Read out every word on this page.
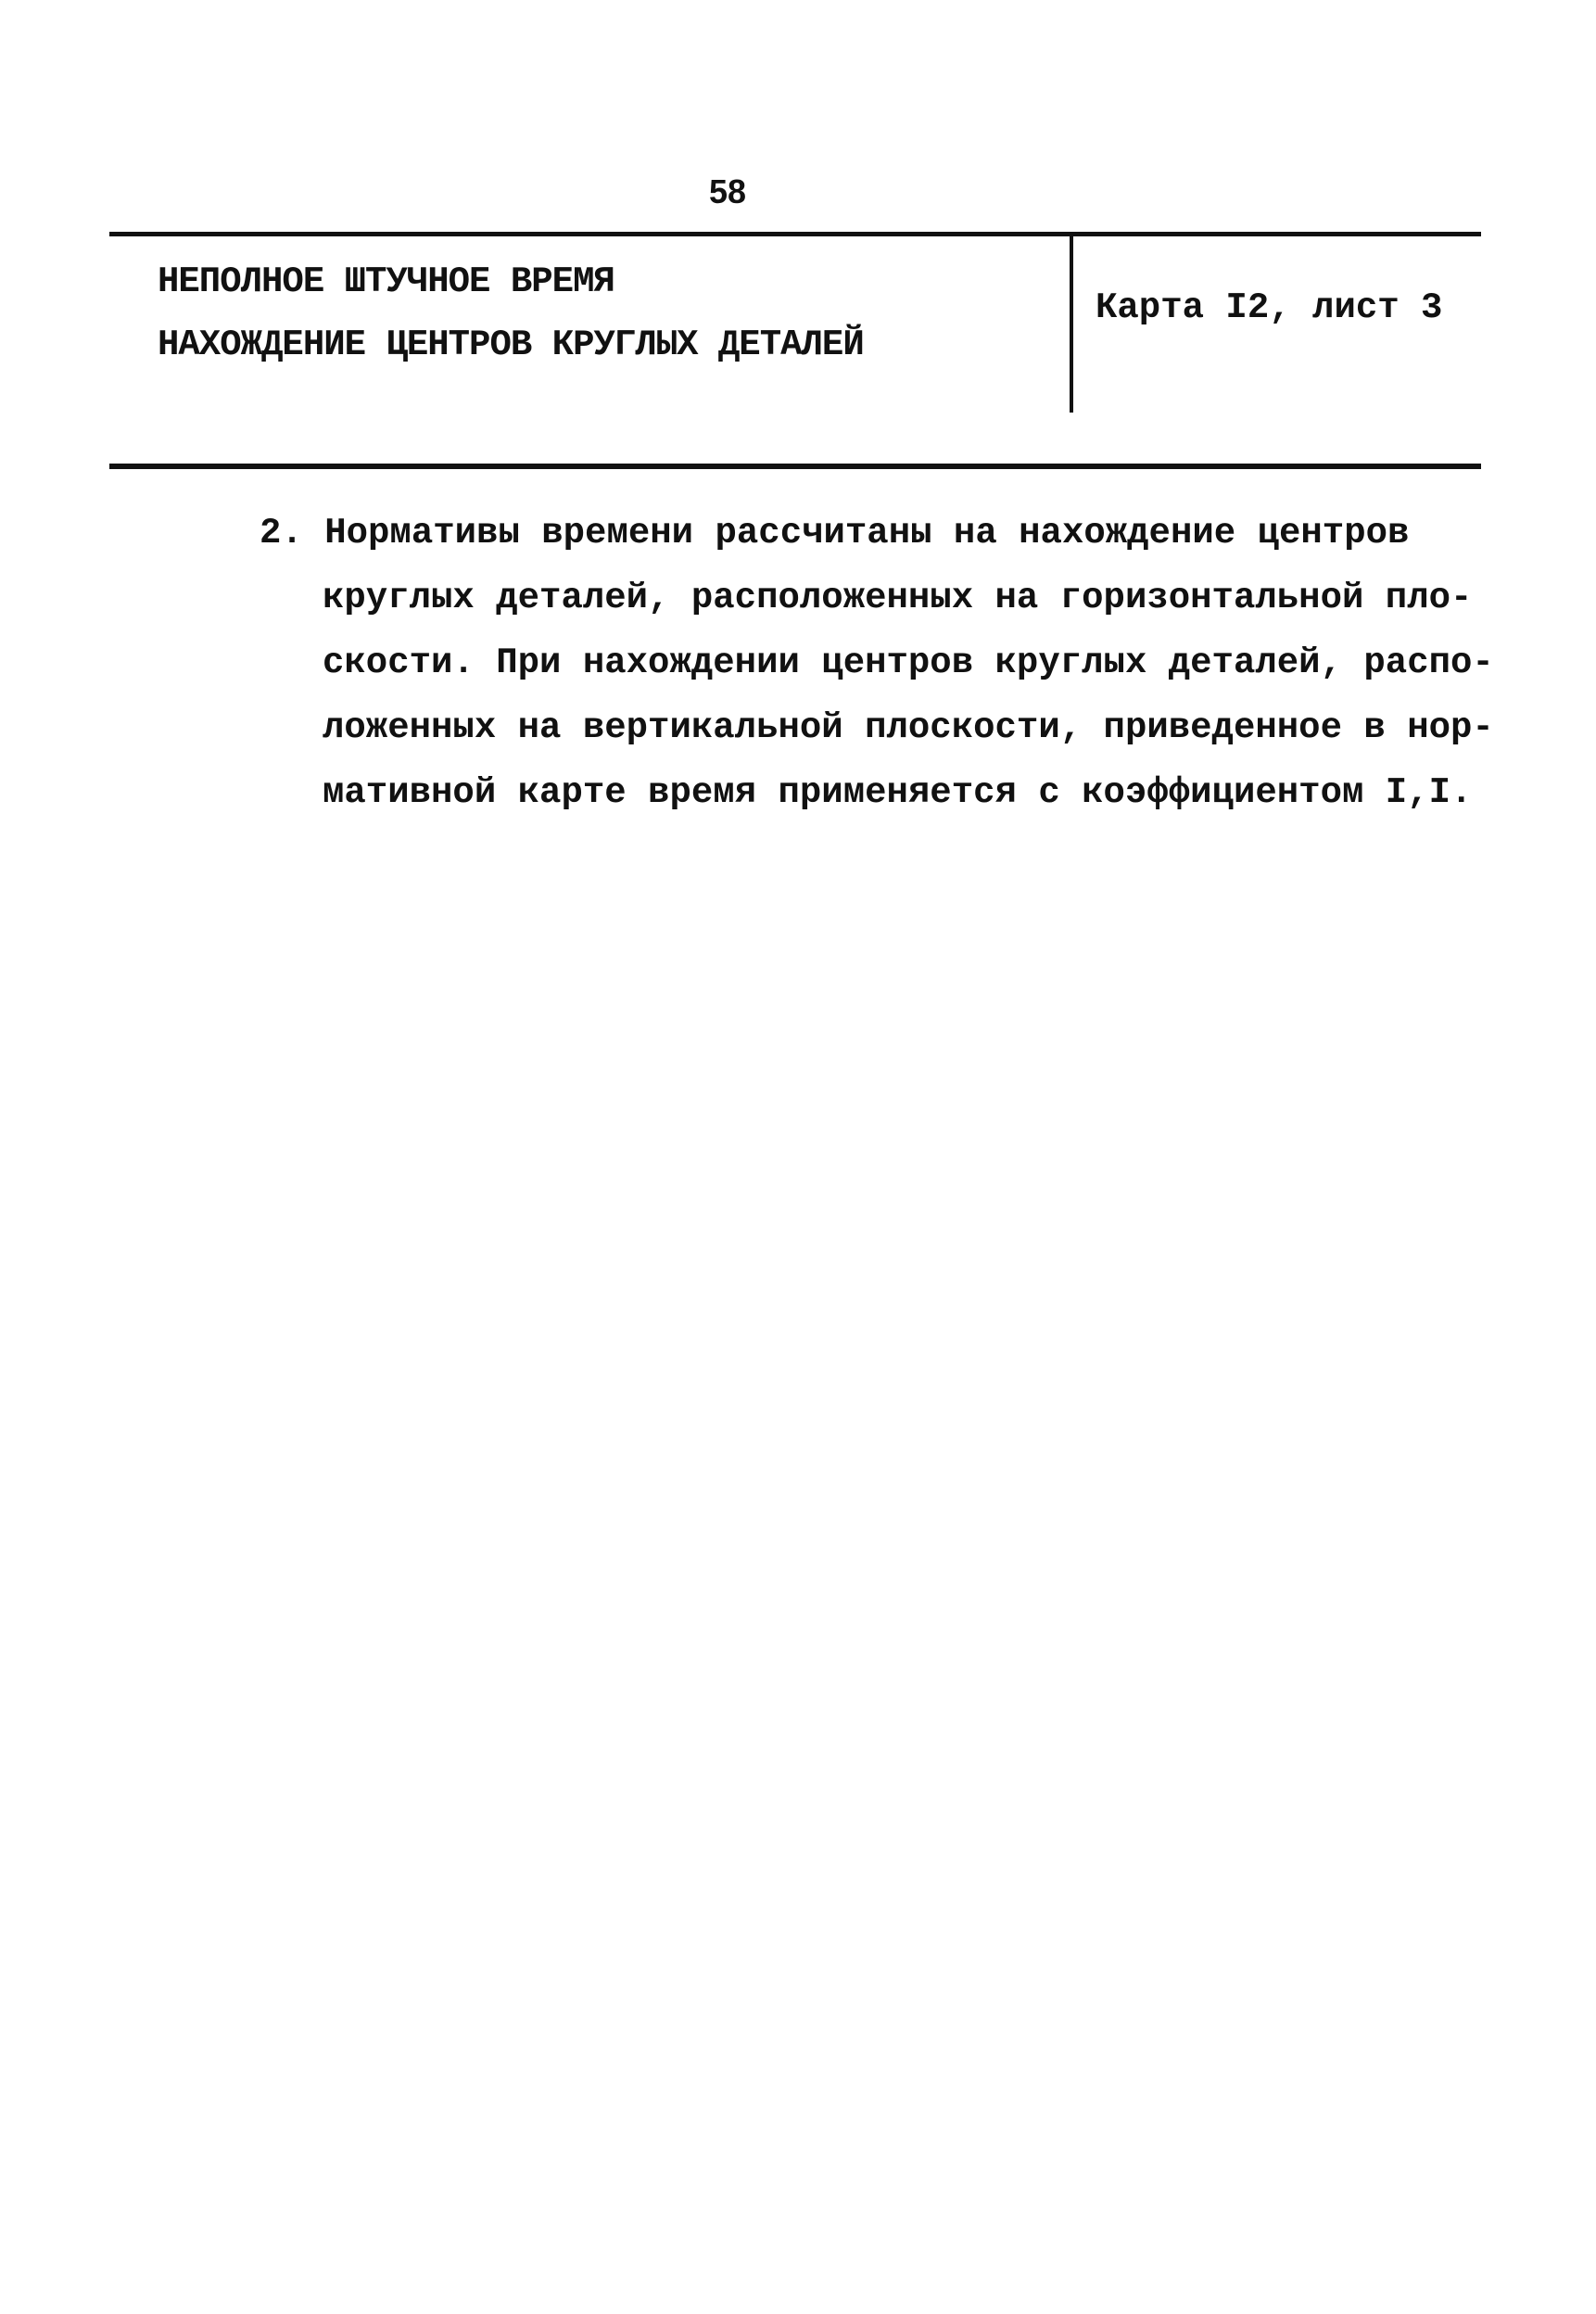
58
НЕПОЛНОЕ ШТУЧНОЕ ВРЕМЯ
НАХОЖДЕНИЕ ЦЕНТРОВ КРУГЛЫХ ДЕТАЛЕЙ
Карта I2, лист 3
2. Нормативы времени рассчитаны на нахождение центров
круглых деталей, расположенных на горизонтальной пло-
скости. При нахождении центров круглых деталей, распо-
ложенных на вертикальной плоскости, приведенное в нор-
мативной карте время применяется с коэффициентом I,I.
